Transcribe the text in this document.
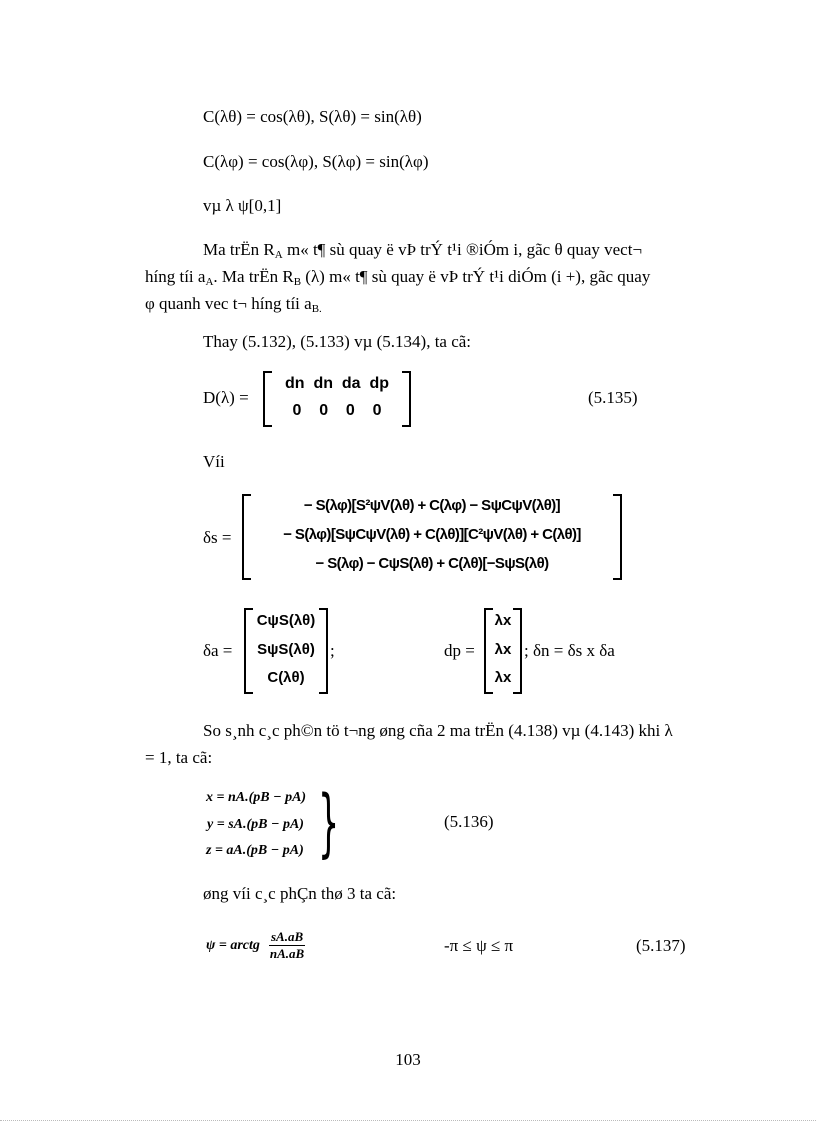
C(λθ) = cos(λθ), S(λθ) = sin(λθ)
C(λφ) = cos(λφ), S(λφ) = sin(λφ)
vµ λ ψ[0,1]
Ma trËn $R_A$ m« t¶ sù quay ë vÞ trÝ t¹i ®iÓm i, gãc θ quay vect¬
híng tíi $a_A$. Ma trËn $R_B$ (λ) m« t¶ sù quay ë vÞ trÝ t¹i diÓm (i +), gãc quay
φ quanh vec t¬ híng tíi $a_{B.}$
Thay (5.132), (5.133) vµ (5.134), ta cã:
D(λ) =
dn  dn  da  dp
0    0    0    0
(5.135)
Víi
δs =
− S(λφ)[S²ψV(λθ) + C(λφ) − SψCψV(λθ)]
− S(λφ)[SψCψV(λθ) + C(λθ)][C²ψV(λθ) + C(λθ)]
− S(λφ) − CψS(λθ) + C(λθ)[−SψS(λθ)
δa =
CψS(λθ)
SψS(λθ)
C(λθ)
;	dp =
λx
λx
λx
; δn = δs x δa
So s¸nh c¸c ph©n tö t¬ng øng cña 2 ma trËn (4.138) vµ (4.143) khi λ
= 1, ta cã:
x = nA.(pB − pA)
y = sA.(pB − pA)
z = aA.(pB − pA) }	(5.136)
øng víi c¸c phÇn thø 3 ta cã:
ψ = arctg $\frac{sA.aB}{nA.aB}$	-π ≤ ψ ≤ π	(5.137)
103
